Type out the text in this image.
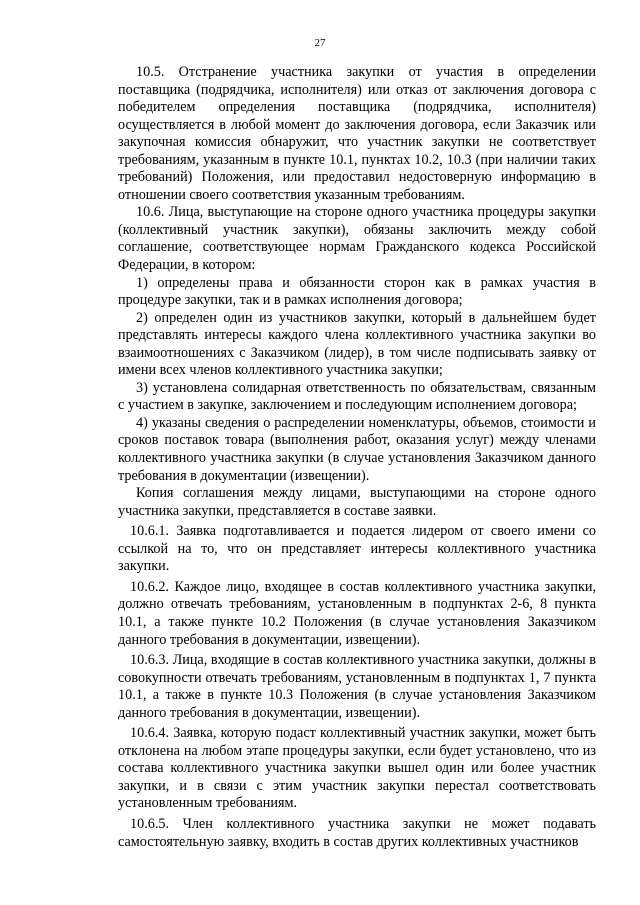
27

10.5. Отстранение участника закупки от участия в определении поставщика (подрядчика, исполнителя) или отказ от заключения договора с победителем определения поставщика (подрядчика, исполнителя) осуществляется в любой момент до заключения договора, если Заказчик или закупочная комиссия обнаружит, что участник закупки не соответствует требованиям, указанным в пункте 10.1, пунктах 10.2, 10.3 (при наличии таких требований) Положения, или предоставил недостоверную информацию в отношении своего соответствия указанным требованиям.

10.6. Лица, выступающие на стороне одного участника процедуры закупки (коллективный участник закупки), обязаны заключить между собой соглашение, соответствующее нормам Гражданского кодекса Российской Федерации, в котором:

1) определены права и обязанности сторон как в рамках участия в процедуре закупки, так и в рамках исполнения договора;

2) определен один из участников закупки, который в дальнейшем будет представлять интересы каждого члена коллективного участника закупки во взаимоотношениях с Заказчиком (лидер), в том числе подписывать заявку от имени всех членов коллективного участника закупки;

3) установлена солидарная ответственность по обязательствам, связанным с участием в закупке, заключением и последующим исполнением договора;

4) указаны сведения о распределении номенклатуры, объемов, стоимости и сроков поставок товара (выполнения работ, оказания услуг) между членами коллективного участника закупки (в случае установления Заказчиком данного требования в документации (извещении).

Копия соглашения между лицами, выступающими на стороне одного участника закупки, представляется в составе заявки.

10.6.1. Заявка подготавливается и подается лидером от своего имени со ссылкой на то, что он представляет интересы коллективного участника закупки.

10.6.2. Каждое лицо, входящее в состав коллективного участника закупки, должно отвечать требованиям, установленным в подпунктах 2-6, 8 пункта 10.1, а также пункте 10.2 Положения (в случае установления Заказчиком данного требования в документации, извещении).

10.6.3. Лица, входящие в состав коллективного участника закупки, должны в совокупности отвечать требованиям, установленным в подпунктах 1, 7 пункта 10.1, а также в пункте 10.3 Положения (в случае установления Заказчиком данного требования в документации, извещении).

10.6.4. Заявка, которую подаст коллективный участник закупки, может быть отклонена на любом этапе процедуры закупки, если будет установлено, что из состава коллективного участника закупки вышел один или более участник закупки, и в связи с этим участник закупки перестал соответствовать установленным требованиям.

10.6.5. Член коллективного участника закупки не может подавать самостоятельную заявку, входить в состав других коллективных участников
